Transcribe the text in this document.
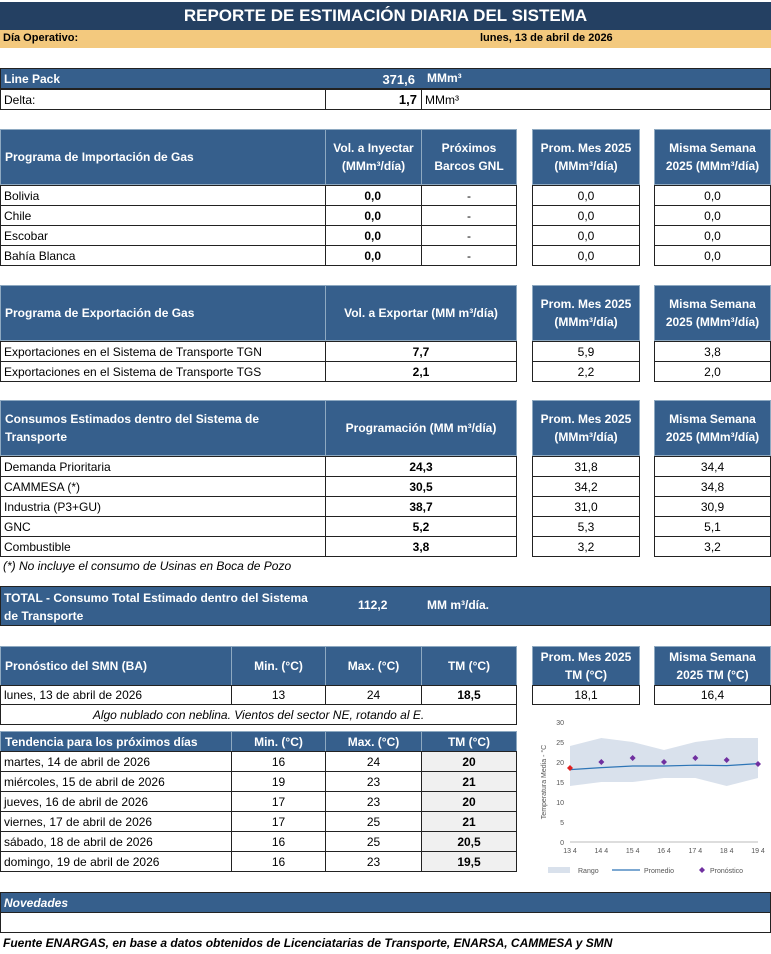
REPORTE DE ESTIMACIÓN DIARIA DEL SISTEMA
Día Operativo:	lunes, 13 de abril de 2026
Line Pack	371,6 MMm³
Delta:	1,7 MMm³
Programa de Importación de Gas
Vol. a Inyectar (MMm³/día)
Próximos Barcos GNL
Prom. Mes 2025 (MMm³/día)
Misma Semana 2025 (MMm³/día)
Bolivia	0,0	-	0,0	0,0
Chile	0,0	-	0,0	0,0
Escobar	0,0	-	0,0	0,0
Bahía Blanca	0,0	-	0,0	0,0
Programa de Exportación de Gas	Vol. a Exportar (MM m³/día)
Prom. Mes 2025 (MMm³/día)
Misma Semana 2025 (MMm³/día)
Exportaciones en el Sistema de Transporte TGN	7,7	5,9	3,8
Exportaciones en el Sistema de Transporte TGS	2,1	2,2	2,0
Consumos Estimados dentro del Sistema de Transporte
Programación (MM m³/día)
Prom. Mes 2025 (MMm³/día)
Misma Semana 2025 (MMm³/día)
Demanda Prioritaria	24,3	31,8	34,4
CAMMESA (*)	30,5	34,2	34,8
Industria (P3+GU)	38,7	31,0	30,9
GNC	5,2	5,3	5,1
Combustible	3,8	3,2	3,2
(*) No incluye el consumo de Usinas en Boca de Pozo
TOTAL - Consumo Total Estimado dentro del Sistema de Transporte
112,2	MM m³/día.
Pronóstico del SMN (BA)	Min. (°C)	Max. (°C)	TM (°C)
Prom. Mes 2025 TM (°C)
Misma Semana 2025 TM (°C)
lunes, 13 de abril de 2026	13	24	18,5	18,1	16,4
Algo nublado con neblina. Vientos del sector NE, rotando al E.
Tendencia para los próximos días	Min. (°C)	Max. (°C)	TM (°C)
martes, 14 de abril de 2026	16	24	20
miércoles, 15 de abril de 2026	19	23	21
jueves, 16 de abril de 2026	17	23	20
viernes, 17 de abril de 2026	17	25	21
sábado, 18 de abril de 2026	16	25	20,5
domingo, 19 de abril de 2026	16	23	19,5
0
5
10
15
20
25
30
Temperatura Media - °C
13 4	14 4	15 4	16 4	17 4	18 4	19 4
Rango	Promedio	Pronóstico
Novedades
Fuente ENARGAS, en base a datos obtenidos de Licenciatarias de Transporte, ENARSA, CAMMESA y SMN
